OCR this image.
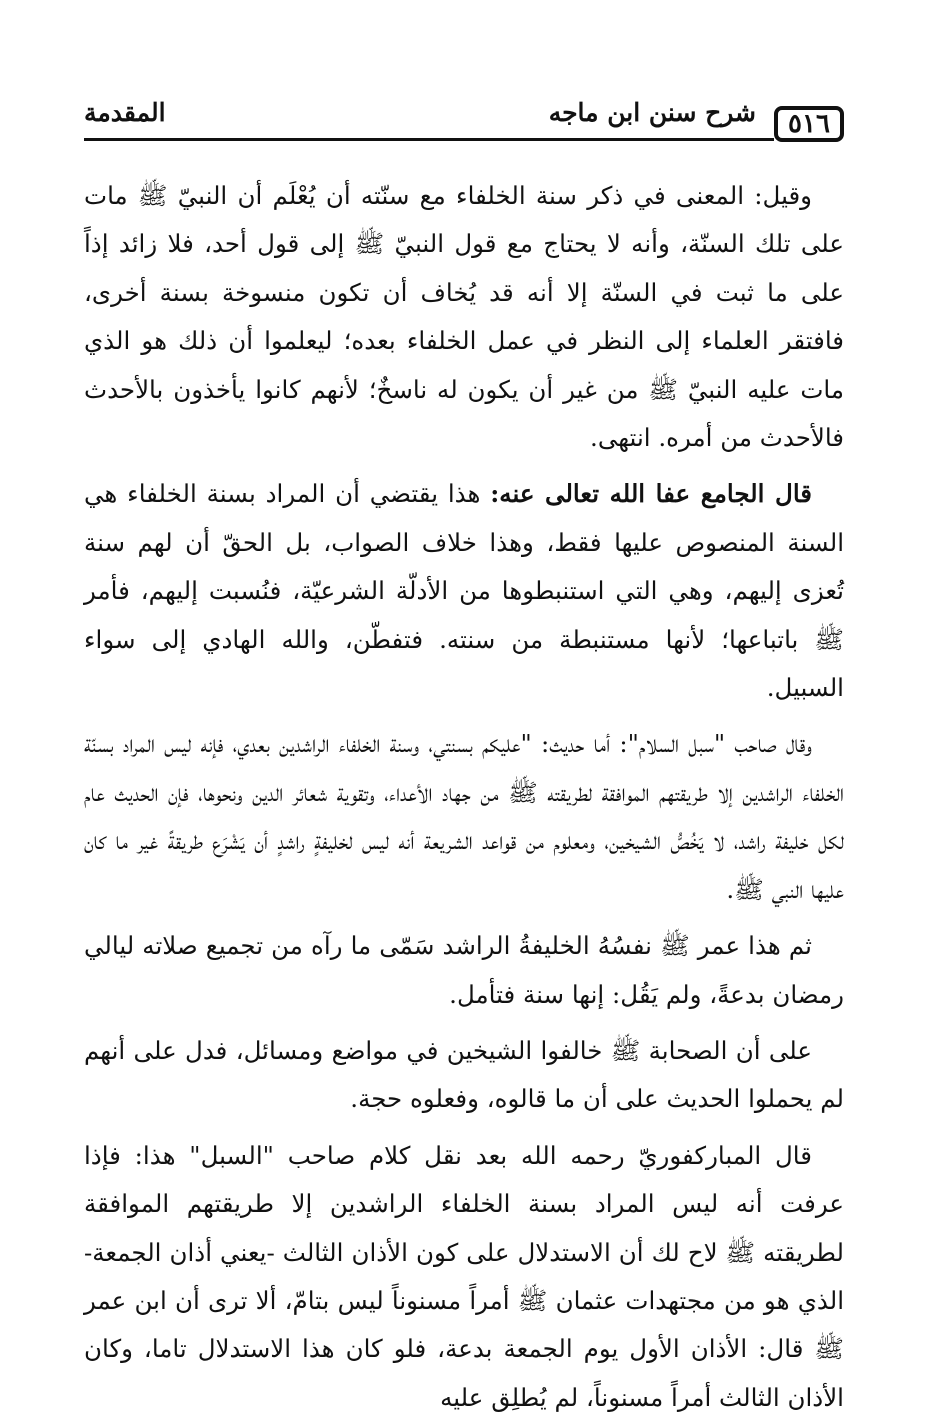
٥١٦
شرح سنن ابن ماجه
المقدمة

وقيل: المعنى في ذكر سنة الخلفاء مع سنّته أن يُعْلَم أن النبيّ ﷺ مات على تلك السنّة، وأنه لا يحتاج مع قول النبيّ ﷺ إلى قول أحد، فلا زائد إذاً على ما ثبت في السنّة إلا أنه قد يُخاف أن تكون منسوخة بسنة أخرى، فافتقر العلماء إلى النظر في عمل الخلفاء بعده؛ ليعلموا أن ذلك هو الذي مات عليه النبيّ ﷺ من غير أن يكون له ناسخٌ؛ لأنهم كانوا يأخذون بالأحدث فالأحدث من أمره. انتهى.

قال الجامع عفا الله تعالى عنه: هذا يقتضي أن المراد بسنة الخلفاء هي السنة المنصوص عليها فقط، وهذا خلاف الصواب، بل الحقّ أن لهم سنة تُعزى إليهم، وهي التي استنبطوها من الأدلّة الشرعيّة، فنُسبت إليهم، فأمر ﷺ باتباعها؛ لأنها مستنبطة من سنته. فتفطّن، والله الهادي إلى سواء السبيل.

وقال صاحب "سبل السلام": أما حديث: "عليكم بسنتي، وسنة الخلفاء الراشدين بعدي، فإنه ليس المراد بسنّة الخلفاء الراشدين إلا طريقتهم الموافقة لطريقته ﷺ من جهاد الأعداء، وتقوية شعائر الدين ونحوها، فإن الحديث عام لكل خليفة راشد، لا يَخُصُّ الشيخين، ومعلوم من قواعد الشريعة أنه ليس لخليفةٍ راشدٍ أن يَشْرَع طريقةً غير ما كان عليها النبي ﷺ.

ثم هذا عمر ﷺ نفسُهُ الخليفةُ الراشد سَمّى ما رآه من تجميع صلاته ليالي رمضان بدعةً، ولم يَقُل: إنها سنة فتأمل.

على أن الصحابة ﷺ خالفوا الشيخين في مواضع ومسائل، فدل على أنهم لم يحملوا الحديث على أن ما قالوه، وفعلوه حجة.

قال المباركفوريّ رحمه الله بعد نقل كلام صاحب "السبل" هذا: فإذا عرفت أنه ليس المراد بسنة الخلفاء الراشدين إلا طريقتهم الموافقة لطريقته ﷺ لاح لك أن الاستدلال على كون الأذان الثالث -يعني أذان الجمعة- الذي هو من مجتهدات عثمان ﷺ أمراً مسنوناً ليس بتامّ، ألا ترى أن ابن عمر ﷺ قال: الأذان الأول يوم الجمعة بدعة، فلو كان هذا الاستدلال تاما، وكان الأذان الثالث أمراً مسنوناً، لم يُطلِق عليه
